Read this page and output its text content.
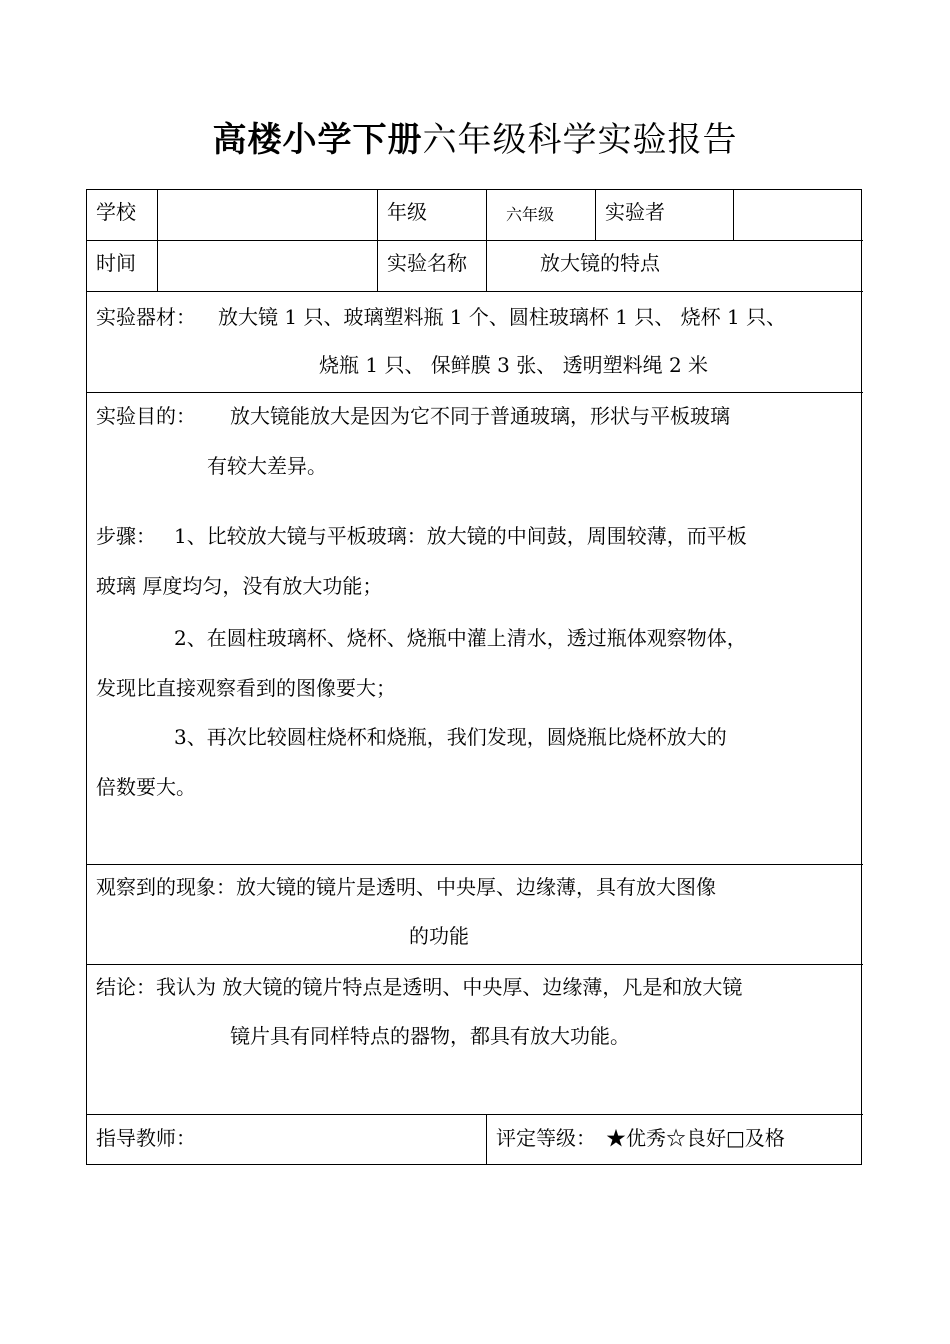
高楼小学下册六年级科学实验报告
学校	年级	六年级	实验者
时间	实验名称	放大镜的特点
实验器材： 放大镜 1 只、玻璃塑料瓶 1 个、圆柱玻璃杯 1 只、 烧杯 1 只、
烧瓶 1 只、 保鲜膜 3 张、 透明塑料绳 2 米
实验目的： 放大镜能放大是因为它不同于普通玻璃，形状与平板玻璃
有较大差异。
步骤： 1、比较放大镜与平板玻璃：放大镜的中间鼓，周围较薄，而平板
玻璃 厚度均匀，没有放大功能；
2、在圆柱玻璃杯、烧杯、烧瓶中灌上清水，透过瓶体观察物体，
发现比直接观察看到的图像要大；
3、再次比较圆柱烧杯和烧瓶，我们发现，圆烧瓶比烧杯放大的
倍数要大。
观察到的现象：放大镜的镜片是透明、中央厚、边缘薄，具有放大图像
的功能
结论：我认为 放大镜的镜片特点是透明、中央厚、边缘薄，凡是和放大镜
镜片具有同样特点的器物，都具有放大功能。
指导教师：	评定等级： ★优秀☆良好□及格
